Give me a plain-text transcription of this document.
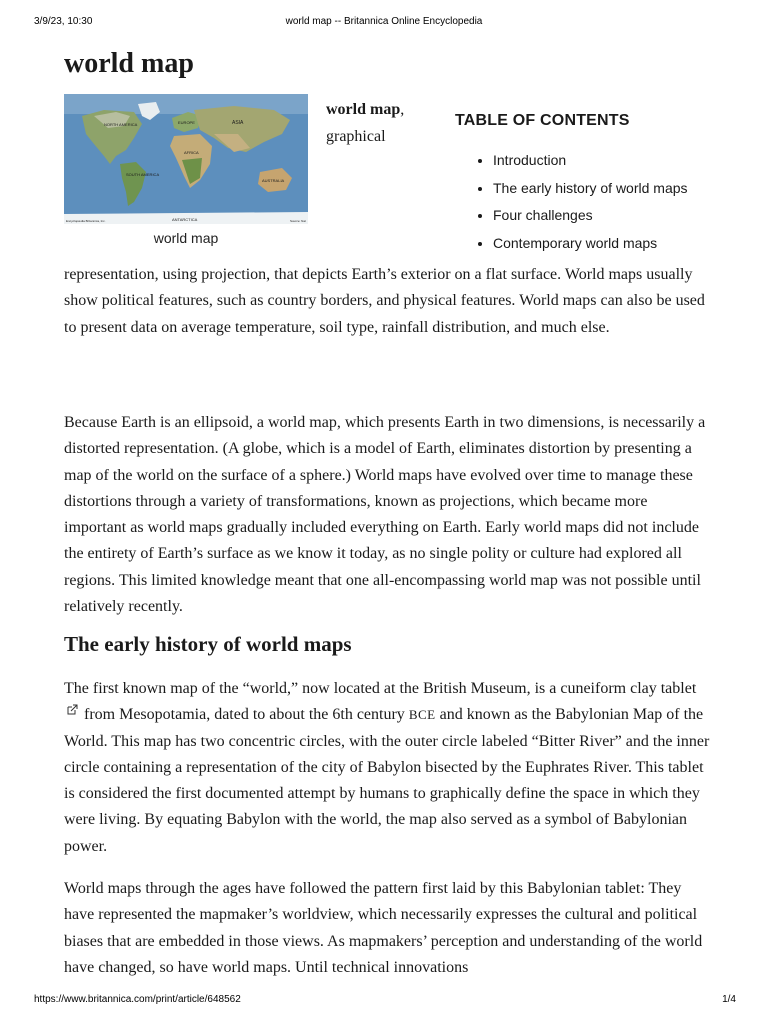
3/9/23, 10:30	world map -- Britannica Online Encyclopedia
world map
NORTH AMERICA	EUROPE	ASIA
AFRICA
SOUTH AMERICA
AUSTRALIA
ANTARCTICA
Encyclopædia Britannica, Inc.	Source: Nat
world map
world map, graphical
TABLE OF CONTENTS
• Introduction
• The early history of world maps
• Four challenges
• Contemporary world maps

representation, using projection, that depicts Earth’s exterior on a flat surface. World maps usually show political features, such as country borders, and physical features. World maps can also be used to present data on average temperature, soil type, rainfall distribution, and much else.

Because Earth is an ellipsoid, a world map, which presents Earth in two dimensions, is necessarily a distorted representation. (A globe, which is a model of Earth, eliminates distortion by presenting a map of the world on the surface of a sphere.) World maps have evolved over time to manage these distortions through a variety of transformations, known as projections, which became more important as world maps gradually included everything on Earth. Early world maps did not include the entirety of Earth’s surface as we know it today, as no single polity or culture had explored all regions. This limited knowledge meant that one all-encompassing world map was not possible until relatively recently.

The early history of world maps

The first known map of the “world,” now located at the British Museum, is a cuneiform clay tablet from Mesopotamia, dated to about the 6th century BCE and known as the Babylonian Map of the World. This map has two concentric circles, with the outer circle labeled “Bitter River” and the inner circle containing a representation of the city of Babylon bisected by the Euphrates River. This tablet is considered the first documented attempt by humans to graphically define the space in which they were living. By equating Babylon with the world, the map also served as a symbol of Babylonian power.

World maps through the ages have followed the pattern first laid by this Babylonian tablet: They have represented the mapmaker’s worldview, which necessarily expresses the cultural and political biases that are embedded in those views. As mapmakers’ perception and understanding of the world have changed, so have world maps. Until technical innovations

https://www.britannica.com/print/article/648562	1/4
